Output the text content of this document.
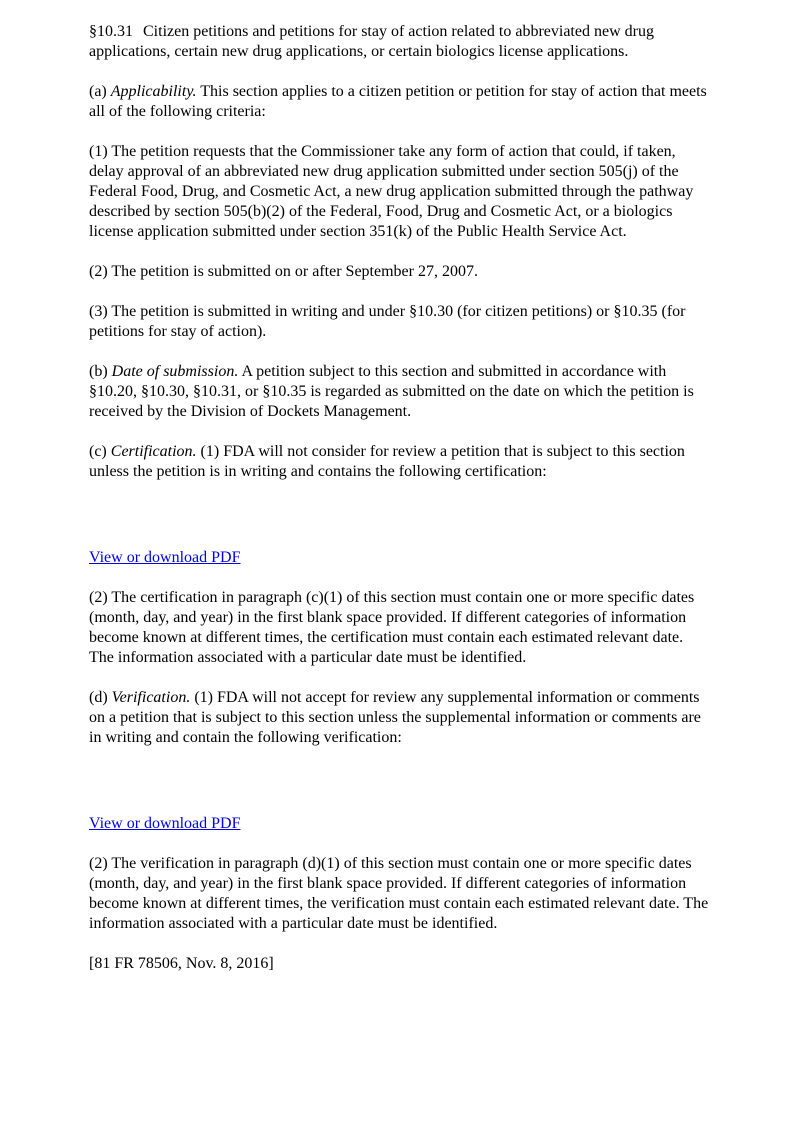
§10.31 Citizen petitions and petitions for stay of action related to abbreviated new drug applications, certain new drug applications, or certain biologics license applications.

(a) Applicability. This section applies to a citizen petition or petition for stay of action that meets all of the following criteria:

(1) The petition requests that the Commissioner take any form of action that could, if taken, delay approval of an abbreviated new drug application submitted under section 505(j) of the Federal Food, Drug, and Cosmetic Act, a new drug application submitted through the pathway described by section 505(b)(2) of the Federal, Food, Drug and Cosmetic Act, or a biologics license application submitted under section 351(k) of the Public Health Service Act.

(2) The petition is submitted on or after September 27, 2007.

(3) The petition is submitted in writing and under §10.30 (for citizen petitions) or §10.35 (for petitions for stay of action).

(b) Date of submission. A petition subject to this section and submitted in accordance with §10.20, §10.30, §10.31, or §10.35 is regarded as submitted on the date on which the petition is received by the Division of Dockets Management.

(c) Certification. (1) FDA will not consider for review a petition that is subject to this section unless the petition is in writing and contains the following certification:

View or download PDF

(2) The certification in paragraph (c)(1) of this section must contain one or more specific dates (month, day, and year) in the first blank space provided. If different categories of information become known at different times, the certification must contain each estimated relevant date. The information associated with a particular date must be identified.

(d) Verification. (1) FDA will not accept for review any supplemental information or comments on a petition that is subject to this section unless the supplemental information or comments are in writing and contain the following verification:

View or download PDF

(2) The verification in paragraph (d)(1) of this section must contain one or more specific dates (month, day, and year) in the first blank space provided. If different categories of information become known at different times, the verification must contain each estimated relevant date. The information associated with a particular date must be identified.

[81 FR 78506, Nov. 8, 2016]
